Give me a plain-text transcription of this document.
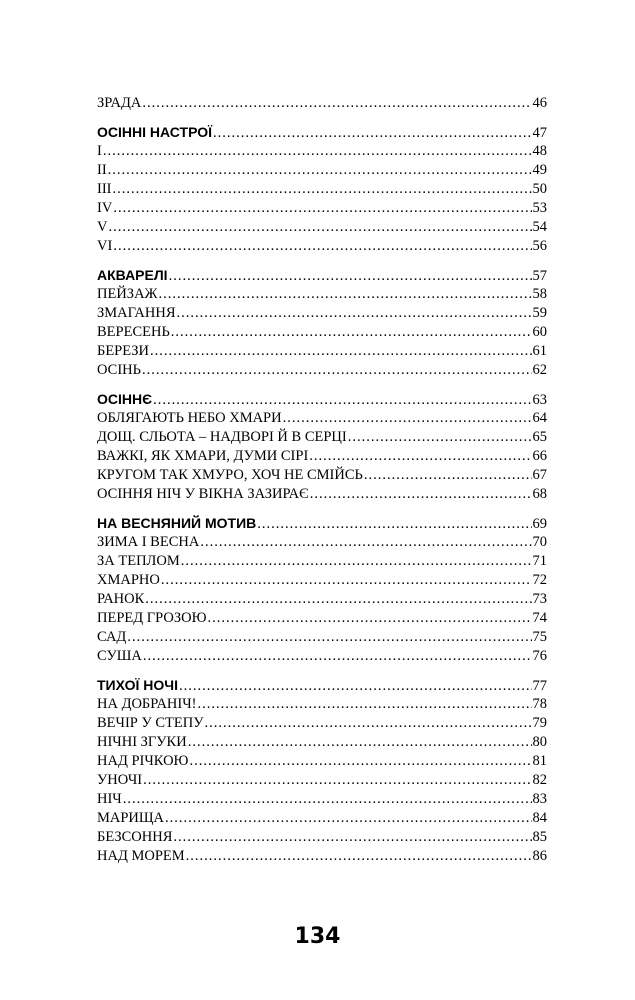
ЗРАДА .....	46
ОСІННІ НАСТРОЇ .....	47
I .....	48
II .....	49
III .....	50
IV .....	53
V .....	54
VI .....	56
АКВАРЕЛІ .....	57
ПЕЙЗАЖ .....	58
ЗМАГАННЯ .....	59
ВЕРЕСЕНЬ .....	60
БЕРЕЗИ .....	61
ОСІНЬ .....	62
ОСІННЄ .....	63
ОБЛЯГАЮТЬ НЕБО ХМАРИ .....	64
ДОЩ. СЛЬОТА – НАДВОРІ Й В СЕРЦІ .....	65
ВАЖКІ, ЯК ХМАРИ, ДУМИ СІРІ .....	66
КРУГОМ ТАК ХМУРО, ХОЧ НЕ СМІЙСЬ .....	67
ОСІННЯ НІЧ У ВІКНА ЗАЗИРАЄ .....	68
НА ВЕСНЯНИЙ МОТИВ .....	69
ЗИМА І ВЕСНА .....	70
ЗА ТЕПЛОМ .....	71
ХМАРНО .....	72
РАНОК .....	73
ПЕРЕД ГРОЗОЮ .....	74
САД .....	75
СУША .....	76
ТИХОЇ НОЧІ .....	77
НА ДОБРАНІЧ! .....	78
ВЕЧІР У СТЕПУ .....	79
НІЧНІ ЗГУКИ .....	80
НАД РІЧКОЮ .....	81
УНОЧІ .....	82
НІЧ .....	83
МАРИЩА .....	84
БЕЗСОННЯ .....	85
НАД МОРЕМ .....	86
134
